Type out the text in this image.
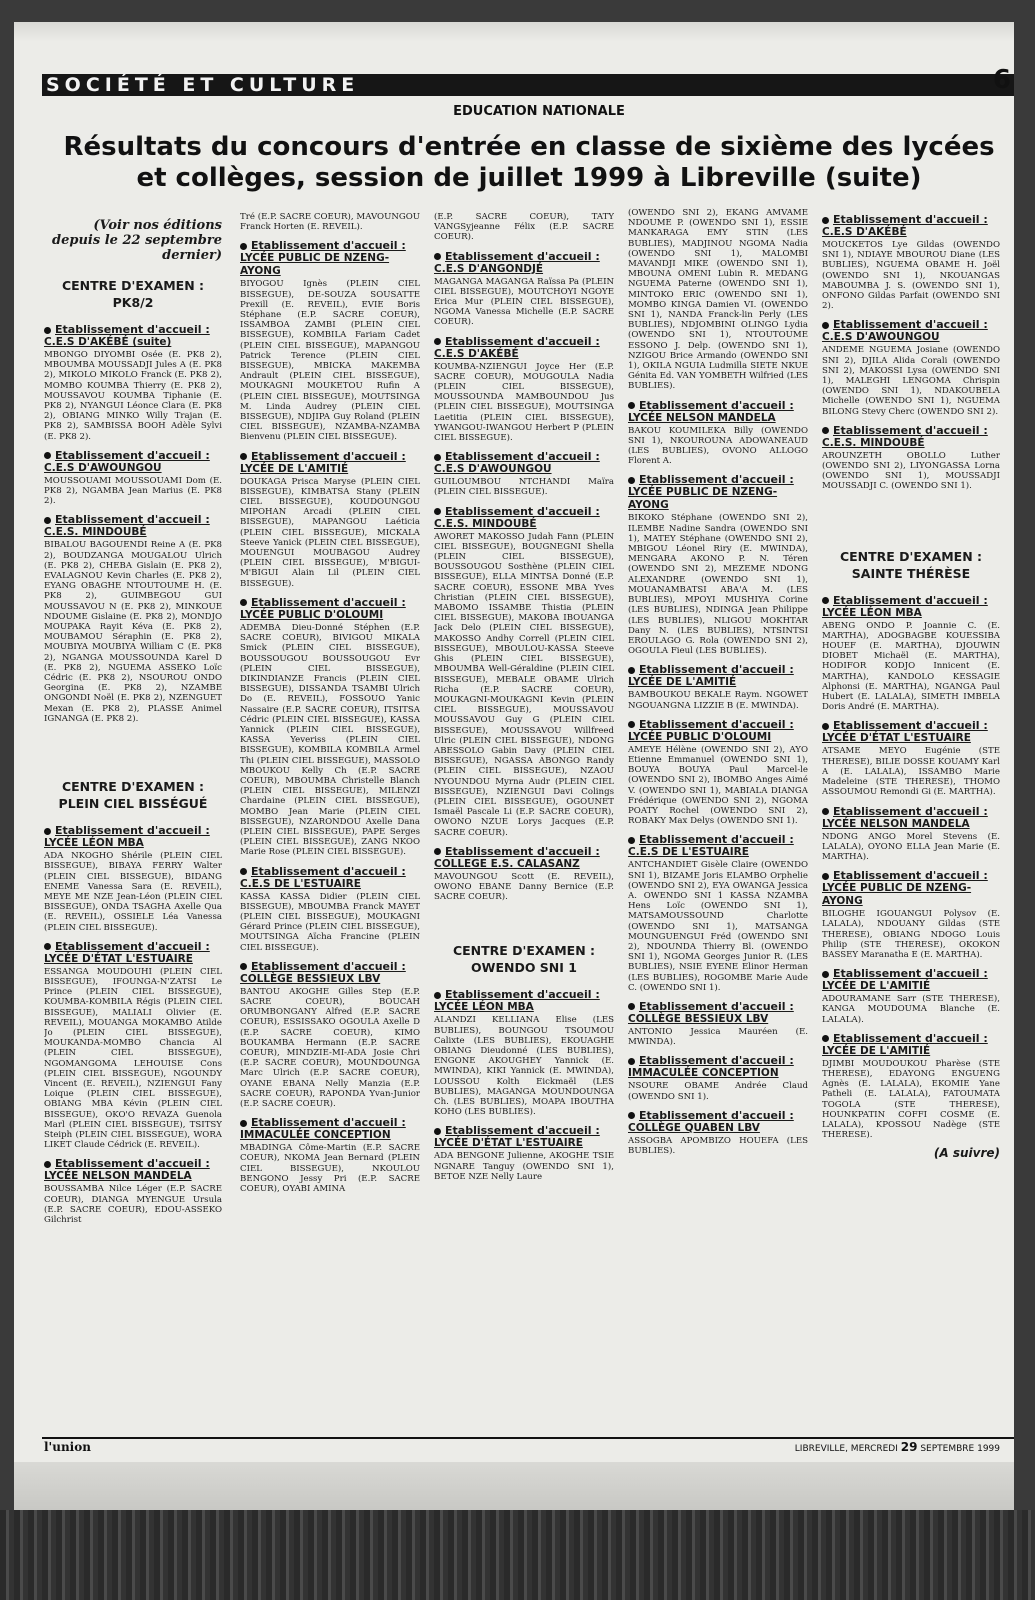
SOCIÉTÉ ET CULTURE	6
EDUCATION NATIONALE
Résultats du concours d'entrée en classe de sixième des lycées et collèges, session de juillet 1999 à Libreville (suite)

(Voir nos éditions depuis le 22 septembre dernier)

CENTRE D'EXAMEN : PK8/2
Etablissement d'accueil :
C.E.S D'AKÉBÉ (suite)

MBONGO DIYOMBI Osée (E. PK8 2), MBOUMBA MOUSSADJI Jules A (E. PK8 2), MIKOLO MIKOLO Franck (E. PK8 2), MOMBO KOUMBA Thierry (E. PK8 2), MOUSSAVOU KOUMBA Tiphanie (E. PK8 2), NYANGUI Léonce Clara (E. PK8 2), OBIANG MINKO Willy Trajan (E. PK8 2), SAMBISSA BOOH Adèle Sylvi (E. PK8 2).

Etablissement d'accueil :
C.E.S D'AWOUNGOU

MOUSSOUAMI MOUSSOUAMI Dom (E. PK8 2), NGAMBA Jean Marius (E. PK8 2).

Etablissement d'accueil :
C.E.S. MINDOUBÉ

BIBALOU BAGOUENDI Reine A (E. PK8 2), BOUDZANGA MOUGALOU Ulrich (E. PK8 2), CHEBA Gislain (E. PK8 2), EVALAGNOU Kevin Charles (E. PK8 2), EYANG OBAGHE NTOUTOUME H. (E. PK8 2), GUIMBEGOU GUI MOUSSAVOU N (E. PK8 2), MINKOUE NDOUME Gislaine (E. PK8 2), MONDJO MOUPAKA Rayit Kéva (E. PK8 2), MOUBAMOU Séraphin (E. PK8 2), MOUBIYA MOUBIYA William C (E. PK8 2), NGANGA MOUSSOUNDA Karel D (E. PK8 2), NGUEMA ASSEKO Loïc Cédric (E. PK8 2), NSOUROU ONDO Georgina (E. PK8 2), NZAMBE ONGONDI Noël (E. PK8 2), NZENGUET Mexan (E. PK8 2), PLASSE Animel IGNANGA (E. PK8 2).

CENTRE D'EXAMEN : PLEIN CIEL BISSÉGUÉ
Etablissement d'accueil :
LYCÉE LÉON MBA

ADA NKOGHO Shérile (PLEIN CIEL BISSEGUE), BIBAYA FERRY Walter (PLEIN CIEL BISSEGUE), BIDANG ENEME Vanessa Sara (E. REVEIL), MEYE ME NZE Jean-Léon (PLEIN CIEL BISSEGUE), ONDA TSAGHA Axelle Qua (E. REVEIL), OSSIELE Léa Vanessa (PLEIN CIEL BISSEGUE).

Etablissement d'accueil :
LYCÉE D'ÉTAT L'ESTUAIRE

ESSANGA MOUDOUHI (PLEIN CIEL BISSEGUE), IFOUNGA-N'ZATSI Le Prince (PLEIN CIEL BISSEGUE), KOUMBA-KOMBILA Régis (PLEIN CIEL BISSEGUE), MALIALI Olivier (E. REVEIL), MOUANGA MOKAMBO Atilde Jo (PLEIN CIEL BISSEGUE), MOUKANDA-MOMBO Chancia Al (PLEIN CIEL BISSEGUE), NGOMANGOMA LEHOUISE Cons (PLEIN CIEL BISSEGUE), NGOUNDY Vincent (E. REVEIL), NZIENGUI Fany Loique (PLEIN CIEL BISSEGUE), OBIANG MBA Kévin (PLEIN CIEL BISSEGUE), OKO'O REVAZA Guenola Marl (PLEIN CIEL BISSEGUE), TSITSY Steiph (PLEIN CIEL BISSEGUE), WORA LIKET Claude Cédrick (E. REVEIL).

Etablissement d'accueil :
LYCÉE NELSON MANDELA

BOUSSAMBA Nilce Léger (E.P. SACRE COEUR), DIANGA MYENGUE Ursula (E.P. SACRE COEUR), EDOU-ASSEKO Gilchrist

Tré (E.P. SACRE COEUR), MAVOUNGOU Franck Horten (E. REVEIL).

Etablissement d'accueil :
LYCÉE PUBLIC DE NZENG-AYONG

BIYOGOU Ignès (PLEIN CIEL BISSEGUE), DE-SOUZA SOUSATTE Prexill (E. REVEIL), EVIE Boris Stéphane (E.P. SACRE COEUR), ISSAMBOA ZAMBI (PLEIN CIEL BISSEGUE), KOMBILA Fariam Cadet (PLEIN CIEL BISSEGUE), MAPANGOU Patrick Terence (PLEIN CIEL BISSEGUE), MBICKA MAKEMBA Andrault (PLEIN CIEL BISSEGUE), MOUKAGNI MOUKETOU Rufin A (PLEIN CIEL BISSEGUE), MOUTSINGA M. Linda Audrey (PLEIN CIEL BISSEGUE), NDJIPA Guy Roland (PLEIN CIEL BISSEGUE), NZAMBA-NZAMBA Bienvenu (PLEIN CIEL BISSEGUE).

Etablissement d'accueil :
LYCÉE DE L'AMITIÉ

DOUKAGA Prisca Maryse (PLEIN CIEL BISSEGUE), KIMBATSA Stany (PLEIN CIEL BISSEGUE), KOUDOUNGOU MIPOHAN Arcadi (PLEIN CIEL BISSEGUE), MAPANGOU Laéticia (PLEIN CIEL BISSEGUE), MICKALA Steeve Yanick (PLEIN CIEL BISSEGUE), MOUENGUI MOUBAGOU Audrey (PLEIN CIEL BISSEGUE), M'BIGUI-M'BIGUI Alain Lil (PLEIN CIEL BISSEGUE).

Etablissement d'accueil :
LYCÉE PUBLIC D'OLOUMI

ADEMBA Dieu-Donné Stéphen (E.P. SACRE COEUR), BIVIGOU MIKALA Smick (PLEIN CIEL BISSEGUE), BOUSSOUGOU BOUSSOUGOU Evr (PLEIN CIEL BISSEGUE), DIKINDIANZE Francis (PLEIN CIEL BISSEGUE), DISSANDA TSAMBI Ulrich Do (E. REVEIL), FOSSOUO Yanic Nassaire (E.P. SACRE COEUR), ITSITSA Cédric (PLEIN CIEL BISSEGUE), KASSA Yannick (PLEIN CIEL BISSEGUE), KASSA Yeveriss (PLEIN CIEL BISSEGUE), KOMBILA KOMBILA Armel Thi (PLEIN CIEL BISSEGUE), MASSOLO MBOUKOU Kelly Ch (E.P. SACRE COEUR), MBOUMBA Christelle Blanch (PLEIN CIEL BISSEGUE), MILENZI Chardaine (PLEIN CIEL BISSEGUE), MOMBO Jean Marie (PLEIN CIEL BISSEGUE), NZARONDOU Axelle Dana (PLEIN CIEL BISSEGUE), PAPE Serges (PLEIN CIEL BISSEGUE), ZANG NKOO Marie Rose (PLEIN CIEL BISSEGUE).

Etablissement d'accueil :
C.E.S DE L'ESTUAIRE

KASSA KASSA Didier (PLEIN CIEL BISSEGUE), MBOUMBA Franck MAYET (PLEIN CIEL BISSEGUE), MOUKAGNI Gérard Prince (PLEIN CIEL BISSEGUE), MOUTSINGA Aïcha Francine (PLEIN CIEL BISSEGUE).

Etablissement d'accueil :
COLLÈGE BESSIEUX LBV

BANTOU AKOGHE Gilles Step (E.P. SACRE COEUR), BOUCAH ORUMBONGANY Alfred (E.P. SACRE COEUR), ESSISSAKO OGOULA Axelle D (E.P. SACRE COEUR), KIMO BOUKAMBA Hermann (E.P. SACRE COEUR), MINDZIE-MI-ADA Josie Chri (E.P. SACRE COEUR), MOUNDOUNGA Marc Ulrich (E.P. SACRE COEUR), OYANE EBANA Nelly Manzia (E.P. SACRE COEUR), RAPONDA Yvan-Junior (E.P. SACRE COEUR).

Etablissement d'accueil :
IMMACULÉE CONCEPTION

MBADINGA Côme-Martin (E.P. SACRE COEUR), NKOMA Jean Bernard (PLEIN CIEL BISSEGUE), NKOULOU BENGONO Jessy Pri (E.P. SACRE COEUR), OYABI AMINA

(E.P. SACRE COEUR), TATY VANGSyjeanne Félix (E.P. SACRE COEUR).

Etablissement d'accueil :
C.E.S D'ANGONDJÉ

MAGANGA MAGANGA Raïssa Pa (PLEIN CIEL BISSEGUE), MOUTCHOYI NGOYE Erica Mur (PLEIN CIEL BISSEGUE), NGOMA Vanessa Michelle (E.P. SACRE COEUR).

Etablissement d'accueil :
C.E.S D'AKÉBÉ

KOUMBA-NZIENGUI Joyce Her (E.P. SACRE COEUR), MOUGOULA Nadia (PLEIN CIEL BISSEGUE), MOUSSOUNDA MAMBOUNDOU Jus (PLEIN CIEL BISSEGUE), MOUTSINGA Laetitia (PLEIN CIEL BISSEGUE), YWANGOU-IWANGOU Herbert P (PLEIN CIEL BISSEGUE).

Etablissement d'accueil :
C.E.S D'AWOUNGOU

GUILOUMBOU NTCHANDI Maïra (PLEIN CIEL BISSEGUE).

Etablissement d'accueil :
C.E.S. MINDOUBÉ

AWORET MAKOSSO Judah Fann (PLEIN CIEL BISSEGUE), BOUGNEGNI Shella (PLEIN CIEL BISSEGUE), BOUSSOUGOU Sosthène (PLEIN CIEL BISSEGUE), ELLA MINTSA Donné (E.P. SACRE COEUR), ESSONE MBA Yves Christian (PLEIN CIEL BISSEGUE), MABOMO ISSAMBE Thistia (PLEIN CIEL BISSEGUE), MAKOBA IBOUANGA Jack Delo (PLEIN CIEL BISSEGUE), MAKOSSO Andhy Correll (PLEIN CIEL BISSEGUE), MBOULOU-KASSA Steeve Ghis (PLEIN CIEL BISSEGUE), MBOUMBA Well-Géraldine (PLEIN CIEL BISSEGUE), MEBALE OBAME Ulrich Richa (E.P. SACRE COEUR), MOUKAGNI-MOUKAGNI Kevin (PLEIN CIEL BISSEGUE), MOUSSAVOU MOUSSAVOU Guy G (PLEIN CIEL BISSEGUE), MOUSSAVOU Willfreed Ulric (PLEIN CIEL BISSEGUE), NDONG ABESSOLO Gabin Davy (PLEIN CIEL BISSEGUE), NGASSA ABONGO Randy (PLEIN CIEL BISSEGUE), NZAOU NYOUNDOU Myrna Audr (PLEIN CIEL BISSEGUE), NZIENGUI Davi Colings (PLEIN CIEL BISSEGUE), OGOUNET Ismaël Pascale Li (E.P. SACRE COEUR), OWONO NZUE Lorys Jacques (E.P. SACRE COEUR).

Etablissement d'accueil :
COLLEGE E.S. CALASANZ

MAVOUNGOU Scott (E. REVEIL), OWONO EBANE Danny Bernice (E.P. SACRE COEUR).

CENTRE D'EXAMEN : OWENDO SNI 1
Etablissement d'accueil :
LYCÉE LÉON MBA

ALANDZI KELLIANA Elise (LES BUBLIES), BOUNGOU TSOUMOU Calixte (LES BUBLIES), EKOUAGHE OBIANG Dieudonné (LES BUBLIES), ENGONE AKOUGHEY Yannick (E. MWINDA), KIKI Yannick (E. MWINDA), LOUSSOU Kolth Eickmaël (LES BUBLIES), MAGANGA MOUNDOUNGA Ch. (LES BUBLIES), MOAPA IBOUTHA KOHO (LES BUBLIES).

Etablissement d'accueil :
LYCÉE D'ÉTAT L'ESTUAIRE

ADA BENGONE Julienne, AKOGHE TSIE NGNARE Tanguy (OWENDO SNI 1), BETOE NZE Nelly Laure

(OWENDO SNI 2), EKANG AMVAME NDOUME P. (OWENDO SNI 1), ESSIE MANKARAGA EMY STIN (LES BUBLIES), MADJINOU NGOMA Nadia (OWENDO SNI 1), MALOMBI MAVANDJI MIKE (OWENDO SNI 1), MBOUNA OMENI Lubin R. MEDANG NGUEMA Paterne (OWENDO SNI 1), MINTOKO ERIC (OWENDO SNI 1), MOMBO KINGA Damien VI. (OWENDO SNI 1), NANDA Franck-lin Perly (LES BUBLIES), NDJOMBINI OLINGO Lydia (OWENDO SNI 1), NTOUTOUME ESSONO J. Delp. (OWENDO SNI 1), NZIGOU Brice Armando (OWENDO SNI 1), OKILA NGUIA Ludmilla SIETE NKUE Génita Ed. VAN YOMBETH Wilfried (LES BUBLIES).

Etablissement d'accueil :
LYCÉE NELSON MANDELA

BAKOU KOUMILEKA Billy (OWENDO SNI 1), NKOUROUNA ADOWANEAUD (LES BUBLIES), OVONO ALLOGO Florent A.

Etablissement d'accueil :
LYCÉE PUBLIC DE NZENG-AYONG

BIKOKO Stéphane (OWENDO SNI 2), ILEMBE Nadine Sandra (OWENDO SNI 1), MATEY Stéphane (OWENDO SNI 2), MBIGOU Léonel Riry (E. MWINDA), MENGARA AKONO P. N. Téren (OWENDO SNI 2), MEZEME NDONG ALEXANDRE (OWENDO SNI 1), MOUANAMBATSI ABA'A M. (LES BUBLIES), MPOYI MUSHIYA Corine (LES BUBLIES), NDINGA Jean Philippe (LES BUBLIES), NLIGOU MOKHTAR Dany N. (LES BUBLIES), NTSINTSI EROULAGO G. Rola (OWENDO SNI 2), OGOULA Fieul (LES BUBLIES).

Etablissement d'accueil :
LYCÉE DE L'AMITIÉ

BAMBOUKOU BEKALE Raym. NGOWET NGOUANGNA LIZZIE B (E. MWINDA).

Etablissement d'accueil :
LYCÉE PUBLIC D'OLOUMI

AMEYE Hélène (OWENDO SNI 2), AYO Etienne Emmanuel (OWENDO SNI 1), BOUYA BOUYA Paul Marcel-le (OWENDO SNI 2), IBOMBO Anges Aimé V. (OWENDO SNI 1), MABIALA DIANGA Frédérique (OWENDO SNI 2), NGOMA POATY Rochel (OWENDO SNI 2), ROBAKY Max Delys (OWENDO SNI 1).

Etablissement d'accueil :
C.E.S DE L'ESTUAIRE

ANTCHANDIET Gisèle Claire (OWENDO SNI 1), BIZAME Joris ELAMBO Orphelie (OWENDO SNI 2), EYA OWANGA Jessica A. OWENDO SNI 1 KASSA NZAMBA Hens Loïc (OWENDO SNI 1), MATSAMOUSSOUND Charlotte (OWENDO SNI 1), MATSANGA MOUNGUENGUI Fréd (OWENDO SNI 2), NDOUNDA Thierry Bl. (OWENDO SNI 1), NGOMA Georges Junior R. (LES BUBLIES), NSIE EYENE Elinor Herman (LES BUBLIES), ROGOMBE Marie Aude C. (OWENDO SNI 1).

Etablissement d'accueil :
COLLÈGE BESSIEUX LBV

ANTONIO Jessica Mauréen (E. MWINDA).

Etablissement d'accueil :
IMMACULÉE CONCEPTION

NSOURE OBAME Andrée Claud (OWENDO SNI 1).

Etablissement d'accueil :
COLLÈGE QUABEN LBV

ASSOGBA APOMBIZO HOUEFA (LES BUBLIES).

Etablissement d'accueil :
C.E.S D'AKÉBÉ

MOUCKETOS Lye Gildas (OWENDO SNI 1), NDIAYE MBOUROU Diane (LES BUBLIES), NGUEMA OBAME H. Joël (OWENDO SNI 1), NKOUANGAS MABOUMBA J. S. (OWENDO SNI 1), ONFONO Gildas Parfait (OWENDO SNI 2).

Etablissement d'accueil :
C.E.S D'AWOUNGOU

ANDEME NGUEMA Josiane (OWENDO SNI 2), DJILA Alida Corali (OWENDO SNI 2), MAKOSSI Lysa (OWENDO SNI 1), MALEGHI LENGOMA Chrispin (OWENDO SNI 1), NDAKOUBELA Michelle (OWENDO SNI 1), NGUEMA BILONG Stevy Cherc (OWENDO SNI 2).

Etablissement d'accueil :
C.E.S. MINDOUBÉ

AROUNZETH OBOLLO Luther (OWENDO SNI 2), LIYONGASSA Lorna (OWENDO SNI 1), MOUSSADJI MOUSSADJI C. (OWENDO SNI 1).

CENTRE D'EXAMEN : SAINTE THÉRÈSE
Etablissement d'accueil :
LYCÉE LÉON MBA

ABENG ONDO P. Joannie C. (E. MARTHA), ADOGBAGBE KOUESSIBA HOUEF (E. MARTHA), DJOUWIN DIOBET Michaël (E. MARTHA), HODIFOR KODJO Innicent (E. MARTHA), KANDOLO KESSAGIE Alphonsi (E. MARTHA), NGANGA Paul Hubert (E. LALALA), SIMETH IMBELA Doris André (E. MARTHA).

Etablissement d'accueil :
LYCÉE D'ÉTAT L'ESTUAIRE

ATSAME MEYO Eugénie (STE THERESE), BILIE DOSSE KOUAMY Karl A (E. LALALA), ISSAMBO Marie Madeleine (STE THERESE), THOMO ASSOUMOU Remondi Gi (E. MARTHA).

Etablissement d'accueil :
LYCÉE NELSON MANDELA

NDONG ANGO Morel Stevens (E. LALALA), OYONO ELLA Jean Marie (E. MARTHA).

Etablissement d'accueil :
LYCÉE PUBLIC DE NZENG-AYONG

BILOGHE IGOUANGUI Polysov (E. LALALA), NDOUANY Gildas (STE THERESE), OBIANG NDOGO Louis Philip (STE THERESE), OKOKON BASSEY Maranatha E (E. MARTHA).

Etablissement d'accueil :
LYCÉE DE L'AMITIÉ

ADOURAMANE Sarr (STE THERESE), KANGA MOUDOUMA Blanche (E. LALALA).

Etablissement d'accueil :
LYCÉE DE L'AMITIÉ

DJIMBI MOUDOUKOU Pharèse (STE THERESE), EDAYONG ENGUENG Agnès (E. LALALA), EKOMIE Yane Patheli (E. LALALA), FATOUMATA TOGOLA (STE THERESE), HOUNKPATIN COFFI COSME (E. LALALA), KPOSSOU Nadège (STE THERESE).

(A suivre)
l'union	LIBREVILLE, MERCREDI 29 SEPTEMBRE 1999
